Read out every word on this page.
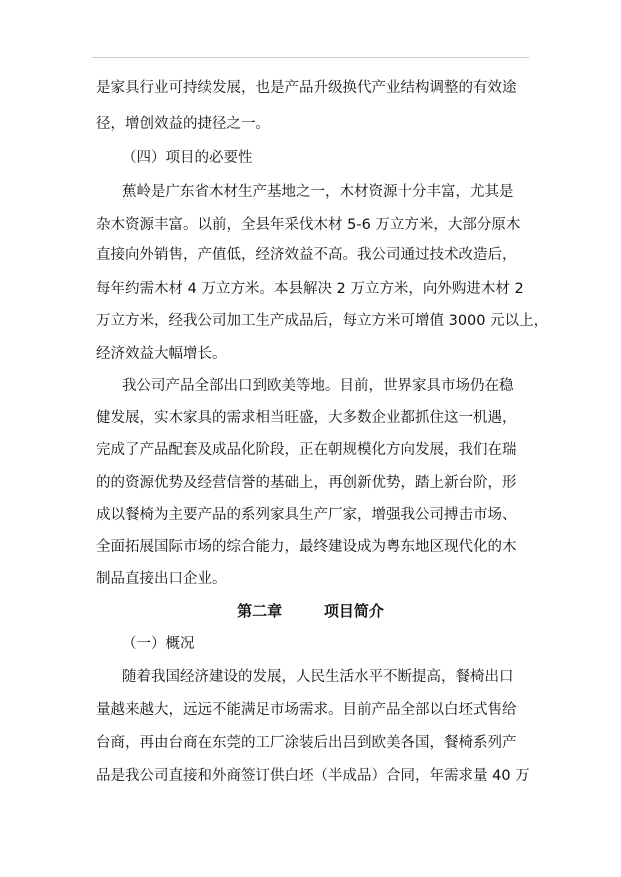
是家具行业可持续发展，也是产品升级换代产业结构调整的有效途
径，增创效益的捷径之一。
（四）项目的必要性
蕉岭是广东省木材生产基地之一，木材资源十分丰富，尤其是
杂木资源丰富。以前，全县年采伐木材 5-6 万立方米，大部分原木
直接向外销售，产值低，经济效益不高。我公司通过技术改造后，
每年约需木材 4 万立方米。本县解决 2 万立方米，向外购进木材 2
万立方米，经我公司加工生产成品后，每立方米可增值 3000 元以上，
经济效益大幅增长。
我公司产品全部出口到欧美等地。目前，世界家具市场仍在稳
健发展，实木家具的需求相当旺盛，大多数企业都抓住这一机遇，
完成了产品配套及成品化阶段，正在朝规模化方向发展，我们在瑞
的的资源优势及经营信誉的基础上，再创新优势，踏上新台阶，形
成以餐椅为主要产品的系列家具生产厂家，增强我公司搏击市场、
全面拓展国际市场的综合能力，最终建设成为粤东地区现代化的木
制品直接出口企业。
第二章        项目简介
（一）概况
随着我国经济建设的发展，人民生活水平不断提高，餐椅出口
量越来越大，远远不能满足市场需求。目前产品全部以白坯式售给
台商，再由台商在东莞的工厂涂装后出吕到欧美各国，餐椅系列产
品是我公司直接和外商签订供白坯（半成品）合同，年需求量 40 万
